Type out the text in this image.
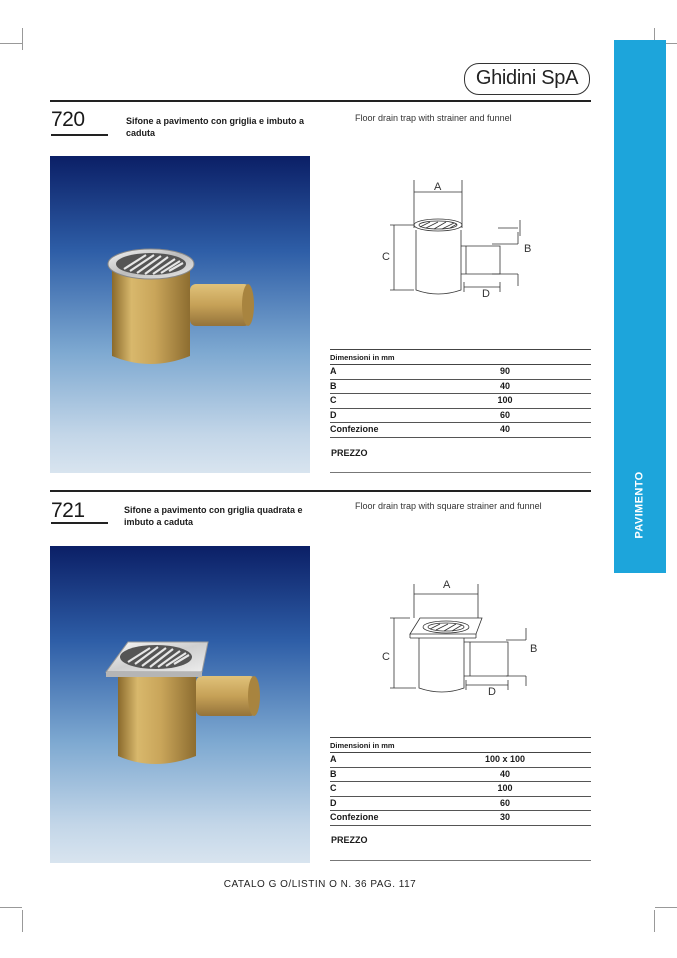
Ghidini SpA
PAVIMENTO
720	Sifone a pavimento con griglia e imbuto a caduta
Floor drain trap with strainer and funnel
A
B
C
D
Dimensioni in mm
A	90
B	40
C	100
D	60
Confezione	40
PREZZO
721	Sifone a pavimento con griglia quadrata e imbuto a caduta
Floor drain trap with square strainer and funnel
A
B
C
D
Dimensioni in mm
A	100 x 100
B	40
C	100
D	60
Confezione	30
PREZZO
CATALO G O/LISTIN O N. 36 PAG. 117
